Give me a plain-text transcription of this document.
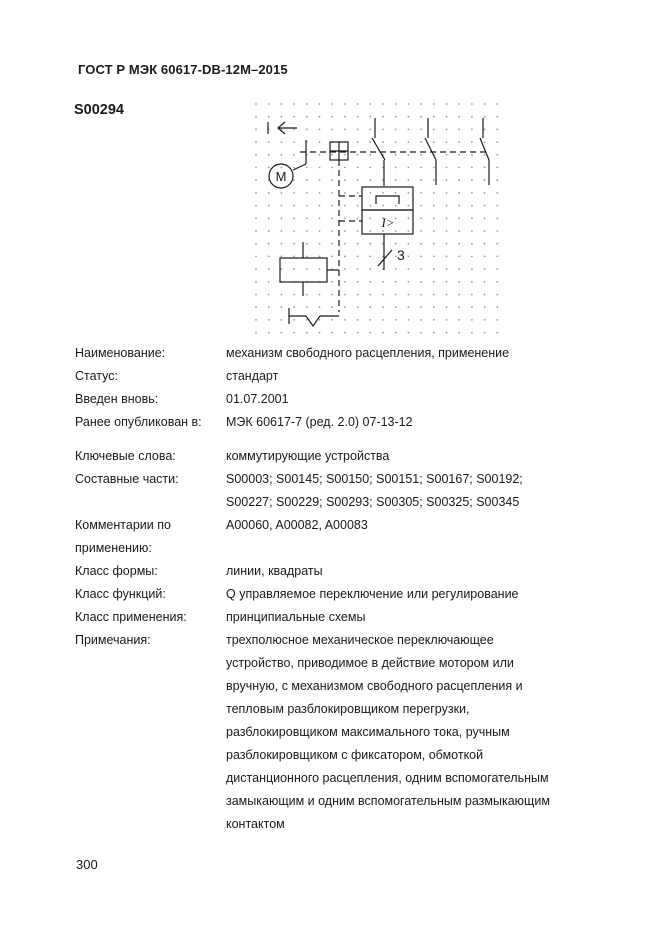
ГОСТ Р МЭК 60617-DB-12M–2015
S00294
M
I>
3
Наименование:	механизм свободного расцепления, применение
Статус:	стандарт
Введен вновь:	01.07.2001
Ранее опубликован в: МЭК 60617-7 (ред. 2.0) 07-13-12
Ключевые слова:	коммутирующие устройства
Составные части:	S00003; S00145; S00150; S00151; S00167; S00192;
S00227; S00229; S00293; S00305; S00325; S00345
Комментарии по	A00060, A00082, A00083
применению:
Класс формы:	линии, квадраты
Класс функций:	Q управляемое переключение или регулирование
Класс применения:	принципиальные схемы
Примечания:	трехполюсное механическое переключающее
устройство, приводимое в действие мотором или
вручную, с механизмом свободного расцепления и
тепловым разблокировщиком перегрузки,
разблокировщиком максимального тока, ручным
разблокировщиком с фиксатором, обмоткой
дистанционного расцепления, одним вспомогательным
замыкающим и одним вспомогательным размыкающим
контактом
300
